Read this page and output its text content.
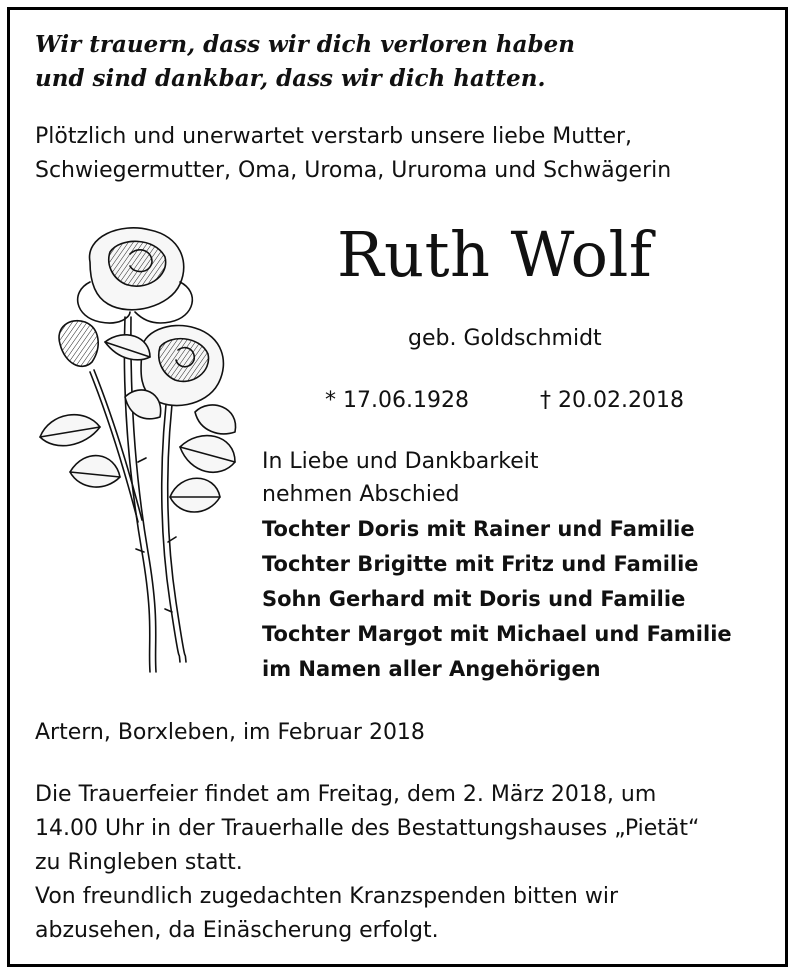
Wir trauern, dass wir dich verloren haben
und sind dankbar, dass wir dich hatten.
Plötzlich und unerwartet verstarb unsere liebe Mutter,
Schwiegermutter, Oma, Uroma, Ururoma und Schwägerin
Ruth Wolf
geb. Goldschmidt
* 17.06.1928	† 20.02.2018
In Liebe und Dankbarkeit
nehmen Abschied
Tochter Doris mit Rainer und Familie
Tochter Brigitte mit Fritz und Familie
Sohn Gerhard mit Doris und Familie
Tochter Margot mit Michael und Familie
im Namen aller Angehörigen
Artern, Borxleben, im Februar 2018
Die Trauerfeier findet am Freitag, dem 2. März 2018, um
14.00 Uhr in der Trauerhalle des Bestattungshauses „Pietät“
zu Ringleben statt.
Von freundlich zugedachten Kranzspenden bitten wir
abzusehen, da Einäscherung erfolgt.
